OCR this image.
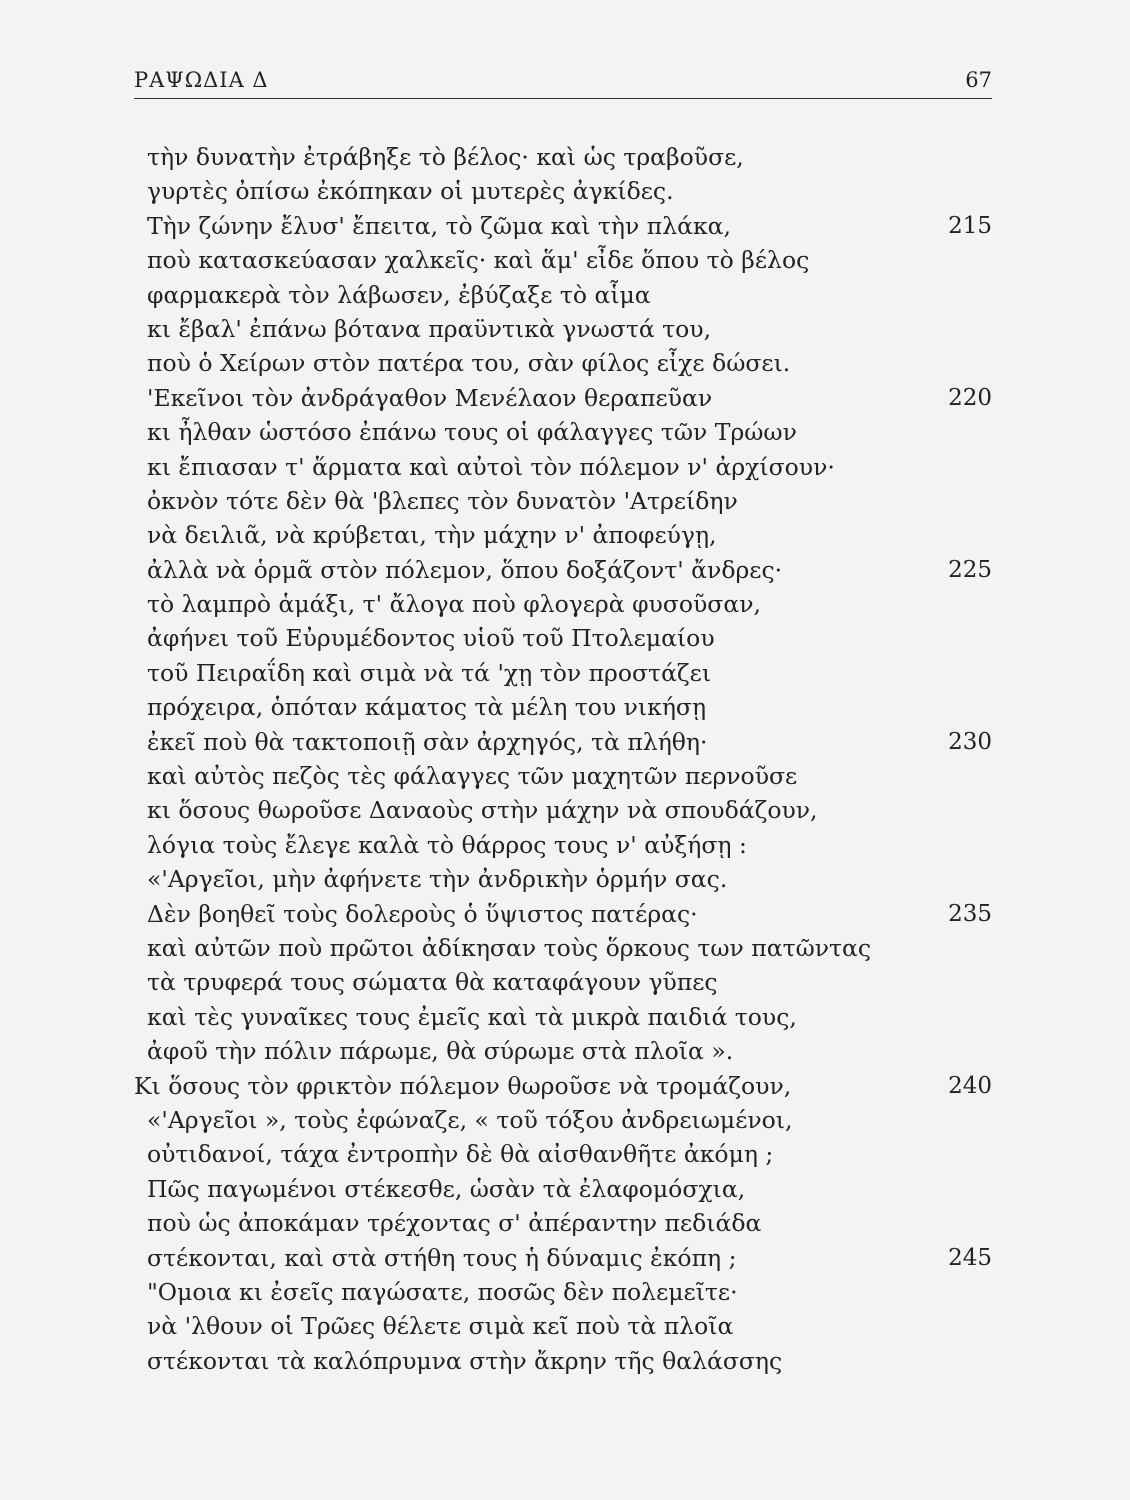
ΡΑΨΩΔΙΑ Δ	67
τὴν δυνατὴν ἐτράβηξε τὸ βέλος· καὶ ὡς τραβοῦσε,
γυρτὲς ὀπίσω ἐκόπηκαν οἱ μυτερὲς ἀγκίδες.
Τὴν ζώνην ἔλυσ' ἔπειτα, τὸ ζῶμα καὶ τὴν πλάκα,	215
ποὺ κατασκεύασαν χαλκεῖς· καὶ ἅμ' εἶδε ὅπου τὸ βέλος
φαρμακερὰ τὸν λάβωσεν, ἐβύζαξε τὸ αἷμα
κι ἔβαλ' ἐπάνω βότανα πραϋντικὰ γνωστά του,
ποὺ ὁ Χείρων στὸν πατέρα του, σὰν φίλος εἶχε δώσει.
'Εκεῖνοι τὸν ἀνδράγαθον Μενέλαον θεραπεῦαν	220
κι ἦλθαν ὡστόσο ἐπάνω τους οἱ φάλαγγες τῶν Τρώων
κι ἔπιασαν τ' ἅρματα καὶ αὐτοὶ τὸν πόλεμον ν' ἀρχίσουν·
ὀκνὸν τότε δὲν θὰ 'βλεπες τὸν δυνατὸν 'Ατρείδην
νὰ δειλιᾶ, νὰ κρύβεται, τὴν μάχην ν' ἀποφεύγῃ,
ἀλλὰ νὰ ὁρμᾶ στὸν πόλεμον, ὅπου δοξάζοντ' ἄνδρες·	225
τὸ λαμπρὸ ἁμάξι, τ' ἄλογα ποὺ φλογερὰ φυσοῦσαν,
ἀφήνει τοῦ Εὐρυμέδοντος υἱοῦ τοῦ Πτολεμαίου
τοῦ Πειραΐδη καὶ σιμὰ νὰ τά 'χῃ τὸν προστάζει
πρόχειρα, ὁπόταν κάματος τὰ μέλη του νικήσῃ
ἐκεῖ ποὺ θὰ τακτοποιῇ σὰν ἀρχηγός, τὰ πλήθη·	230
καὶ αὐτὸς πεζὸς τὲς φάλαγγες τῶν μαχητῶν περνοῦσε
κι ὅσους θωροῦσε Δαναοὺς στὴν μάχην νὰ σπουδάζουν,
λόγια τοὺς ἔλεγε καλὰ τὸ θάρρος τους ν' αὐξήσῃ :
«'Αργεῖοι, μὴν ἀφήνετε τὴν ἀνδρικὴν ὁρμήν σας.
Δὲν βοηθεῖ τοὺς δολεροὺς ὁ ὕψιστος πατέρας·	235
καὶ αὐτῶν ποὺ πρῶτοι ἀδίκησαν τοὺς ὅρκους των πατῶντας
τὰ τρυφερά τους σώματα θὰ καταφάγουν γῦπες
καὶ τὲς γυναῖκες τους ἐμεῖς καὶ τὰ μικρὰ παιδιά τους,
ἀφοῦ τὴν πόλιν πάρωμε, θὰ σύρωμε στὰ πλοῖα ».
Κι ὅσους τὸν φρικτὸν πόλεμον θωροῦσε νὰ τρομάζουν,	240
«'Αργεῖοι », τοὺς ἐφώναζε, « τοῦ τόξου ἀνδρειωμένοι,
οὐτιδανοί, τάχα ἐντροπὴν δὲ θὰ αἰσθανθῆτε ἀκόμη ;
Πῶς παγωμένοι στέκεσθε, ὡσὰν τὰ ἐλαφομόσχια,
ποὺ ὡς ἀποκάμαν τρέχοντας σ' ἀπέραντην πεδιάδα
στέκονται, καὶ στὰ στήθη τους ἡ δύναμις ἐκόπη ;	245
"Ομοια κι ἐσεῖς παγώσατε, ποσῶς δὲν πολεμεῖτε·
νὰ 'λθουν οἱ Τρῶες θέλετε σιμὰ κεῖ ποὺ τὰ πλοῖα
στέκονται τὰ καλόπρυμνα στὴν ἄκρην τῆς θαλάσσης
